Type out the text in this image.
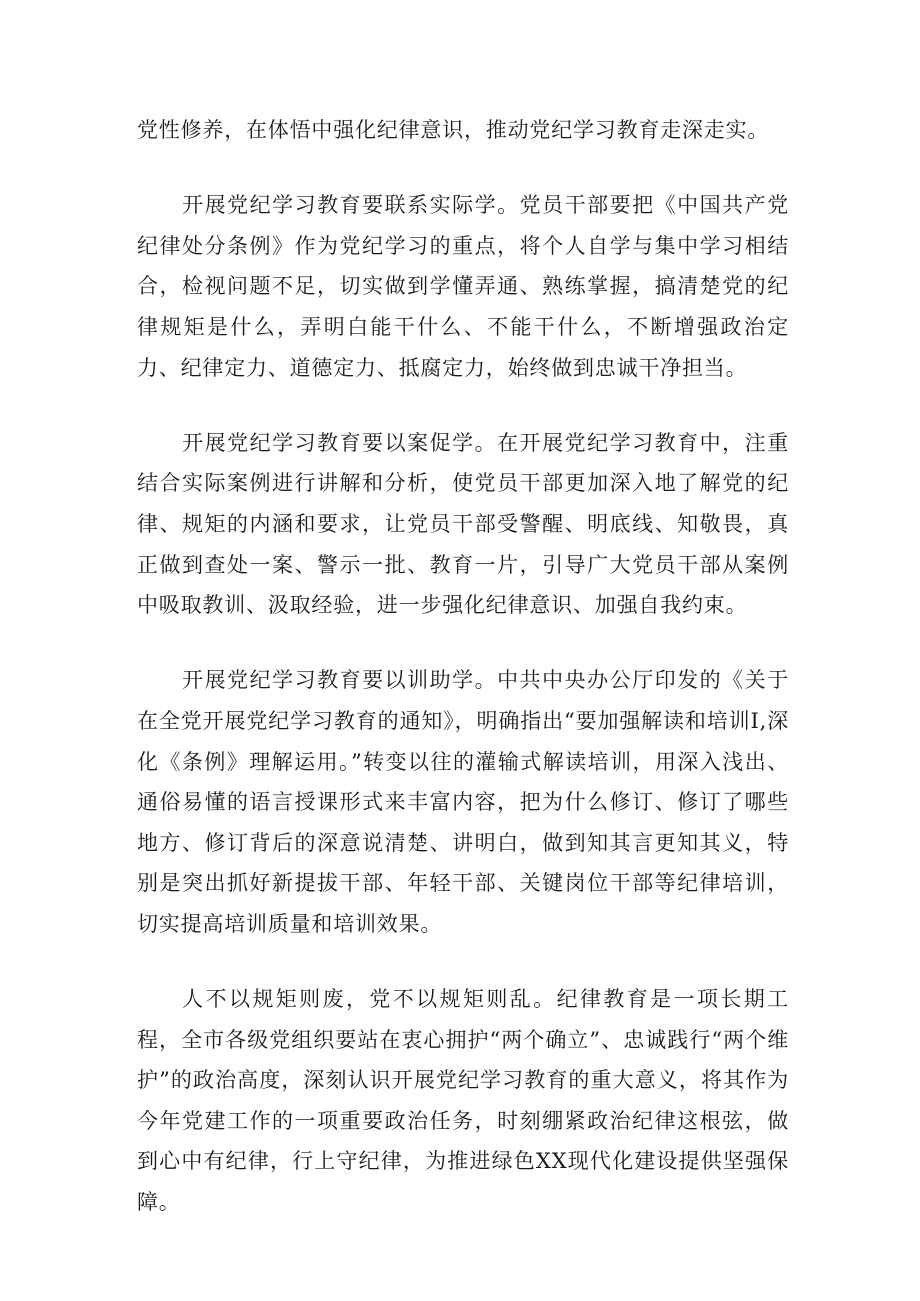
党性修养，在体悟中强化纪律意识，推动党纪学习教育走深走实。

开展党纪学习教育要联系实际学。党员干部要把《中国共产党纪律处分条例》作为党纪学习的重点，将个人自学与集中学习相结合，检视问题不足，切实做到学懂弄通、熟练掌握，搞清楚党的纪律规矩是什么，弄明白能干什么、不能干什么，不断增强政治定力、纪律定力、道德定力、抵腐定力，始终做到忠诚干净担当。

开展党纪学习教育要以案促学。在开展党纪学习教育中，注重结合实际案例进行讲解和分析，使党员干部更加深入地了解党的纪律、规矩的内涵和要求，让党员干部受警醒、明底线、知敬畏，真正做到查处一案、警示一批、教育一片，引导广大党员干部从案例中吸取教训、汲取经验，进一步强化纪律意识、加强自我约束。

开展党纪学习教育要以训助学。中共中央办公厅印发的《关于在全党开展党纪学习教育的通知》，明确指出“要加强解读和培训I,深化《条例》理解运用。”转变以往的灌输式解读培训，用深入浅出、通俗易懂的语言授课形式来丰富内容，把为什么修订、修订了哪些地方、修订背后的深意说清楚、讲明白，做到知其言更知其义，特别是突出抓好新提拔干部、年轻干部、关键岗位干部等纪律培训，切实提高培训质量和培训效果。

人不以规矩则废，党不以规矩则乱。纪律教育是一项长期工程，全市各级党组织要站在衷心拥护“两个确立”、忠诚践行“两个维护”的政治高度，深刻认识开展党纪学习教育的重大意义，将其作为今年党建工作的一项重要政治任务，时刻绷紧政治纪律这根弦，做到心中有纪律，行上守纪律，为推进绿色XX现代化建设提供坚强保障。
